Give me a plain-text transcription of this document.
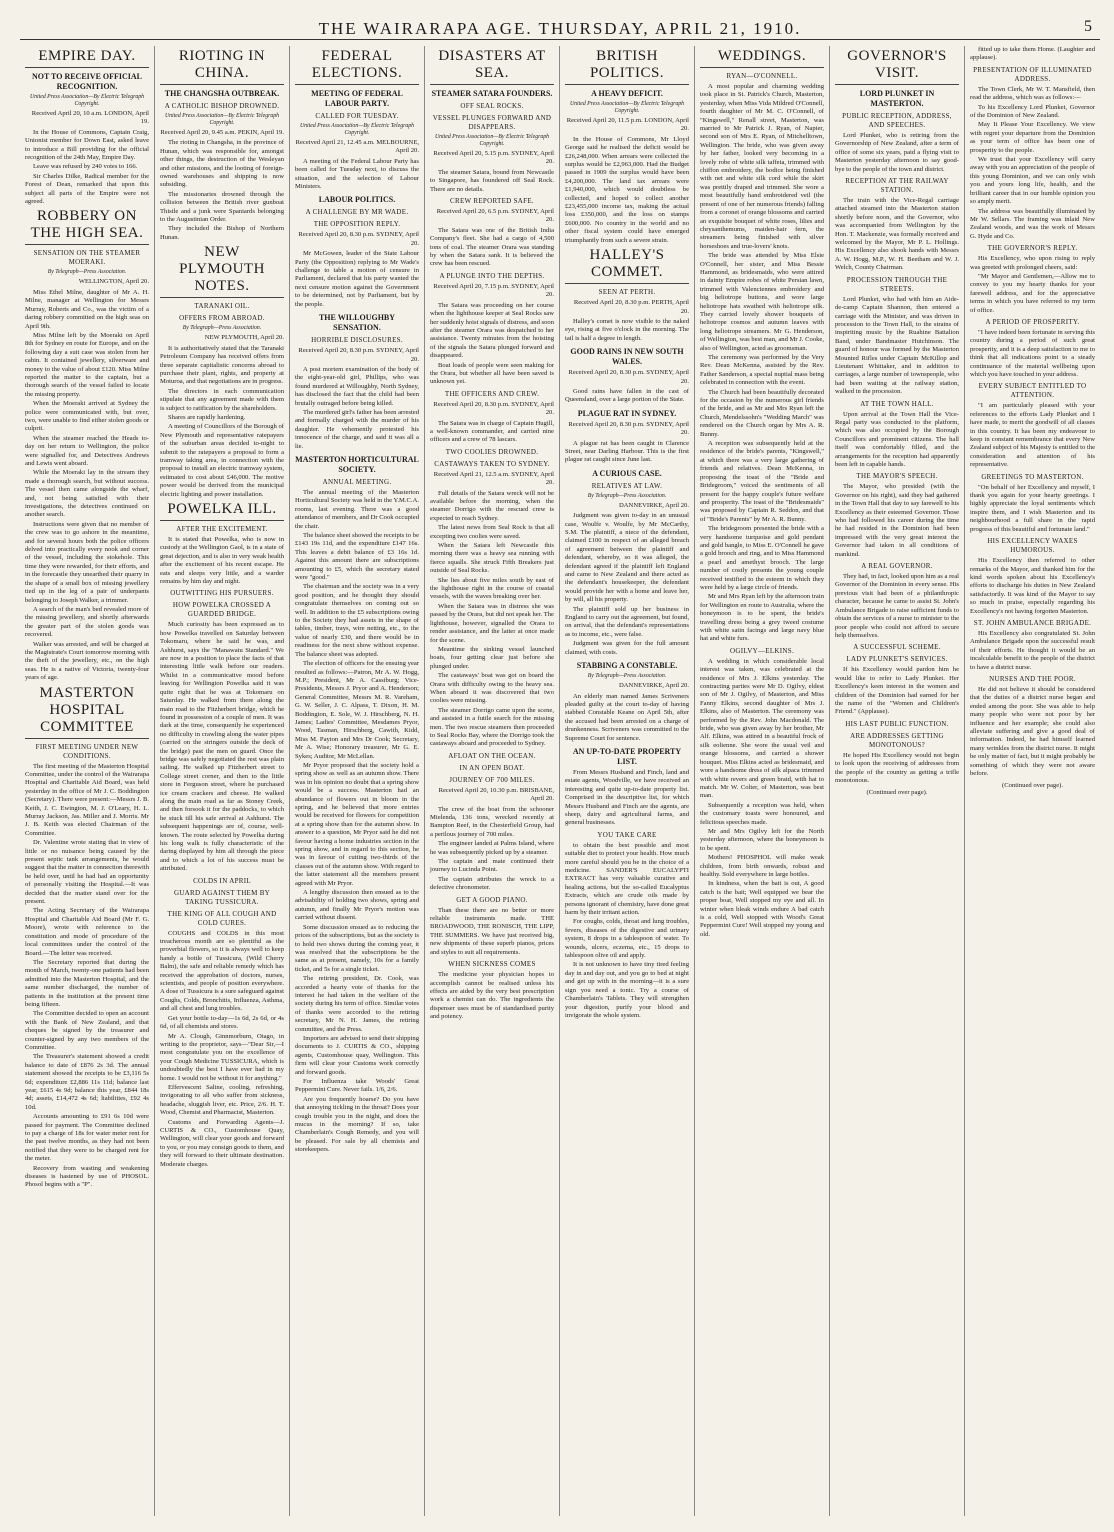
THE WAIRARAPA AGE. THURSDAY, APRIL 21, 1910.	5
EMPIRE DAY.
NOT TO RECEIVE OFFICIAL RECOGNITION.
United Press Association—By Electric Telegraph Copyright.
Received April 20, 10 a.m. LONDON, April 19.

In the House of Commons, Captain Craig, Unionist member for Down East, asked leave to introduce a Bill providing for the official recognition of the 24th May, Empire Day.

Leave was refused by 240 votes to 166.

Sir Charles Dilke, Radical member for the Forest of Dean, remarked that upon this subject all parts of the Empire were not agreed.

ROBBERY ON THE HIGH SEA.
SENSATION ON THE STEAMER MOERAKI.
By Telegraph—Press Association.
WELLINGTON, April 20.

Miss Ethel Milne, daughter of Mr A. H. Milne, manager at Wellington for Messrs Murray, Roberts and Co., was the victim of a daring robbery committed on the high seas on April 9th.

Miss Milne left by the Moeraki on April 8th for Sydney en route for Europe, and on the following day a suit case was stolen from her cabin. It contained jewellery, silverware and money to the value of about £120. Miss Milne reported the matter to the captain, but a thorough search of the vessel failed to locate the missing property.

When the Moeraki arrived at Sydney the police were communicated with, but over, two, were unable to find either stolen goods or culprit.

When the steamer reached the Heads to-day on her return to Wellington, the police were signalled for, and Detectives Andrews and Lewis went aboard.

While the Moeraki lay in the stream they made a thorough search, but without success. The vessel then came alongside the wharf, and, not being satisfied with their investigations, the detectives continued on another search.

Instructions were given that no member of the crew was to go ashore in the meantime, and for several hours both the police officers delved into practically every nook and corner of the vessel, including the stokehole. This time they were rewarded, for their efforts, and in the forecastle they unearthed their quarry in the shape of a small box of missing jewellery tied up in the leg of a pair of underpants belonging to Joseph Walker, a trimmer.

A search of the man's bed revealed more of the missing jewellery, and shortly afterwards the greater part of the stolen goods was recovered.

Walker was arrested, and will be charged at the Magistrate's Court tomorrow morning with the theft of the jewellery, etc., on the high seas. He is a native of Victoria, twenty-four years of age.

MASTERTON HOSPITAL COMMITTEE
FIRST MEETING UNDER NEW CONDITIONS.

The first meeting of the Masterton Hospital Committee, under the control of the Wairarapa Hospital and Charitable Aid Board, was held yesterday in the office of Mr J. C. Boddington (Secretary). There were present:—Messrs J. B. Keith, J. C. Ewington, M. J. O'Leary, H. L. Murray Jackson, Jas. Miller and J. Morris. Mr J. B. Keith was elected Chairman of the Committee.

Dr. Valentine wrote stating that in view of little or no nuisance being caused by the present septic tank arrangements, he would suggest that the matter in connection therewith be held over, until he had had an opportunity of personally visiting the Hospital.—It was decided that the matter stand over for the present.

The Acting Secretary of the Wairarapa Hospital and Charitable Aid Board (Mr F. G. Moore), wrote with reference to the constitution and mode of procedure of the local committees under the control of the Board.—The letter was received.

The Secretary reported that during the month of March, twenty-one patients had been admitted into the Masterton Hospital, and the same number discharged, the number of patients in the institution at the present time being fifteen.

The Committee decided to open an account with the Bank of New Zealand, and that cheques be signed by the treasurer and counter-signed by any two members of the Committee.

The Treasurer's statement showed a credit balance to date of £876 2s 3d. The annual statement showed the receipts to be £3,116 5s 6d; expenditure £2,886 11s 11d; balance last year, £615 4s 9d; balance this year, £844 18s 4d; assets, £14,472 4s 6d; liabilities, £92 4s 10d.

Accounts amounting to £91 6s 10d were passed for payment. The Committee declined to pay a charge of 18s for water meter rent for the past twelve months, as they had not been notified that they were to be charged rent for the meter.

Recovery from wasting and weakening diseases is hastened by use of PHOSOL. Phosol begins with a "P".

RIOTING IN CHINA.
THE CHANGSHA OUTBREAK.
A CATHOLIC BISHOP DROWNED.
United Press Association—By Electric Telegraph Copyright.
Received April 20, 9.45 a.m. PEKIN, April 19.

The rioting in Changsha, in the province of Hunan, which was responsible for, amongst other things, the destruction of the Wesleyan and other missions, and the looting of foreign-owned warehouses and shipping is now subsiding.

The missionaries drowned through the collision between the British river gunboat Thistle and a junk were Spaniards belonging to the Augustinian Order.

They included the Bishop of Northern Hunan.

NEW PLYMOUTH NOTES.
TARANAKI OIL.
OFFERS FROM ABROAD.
By Telegraph—Press Association.
NEW PLYMOUTH, April 20.

It is authoritatively stated that the Taranaki Petroleum Company has received offers from three separate capitalistic concerns abroad to purchase their plant, rights, and property at Moturoa, and that negotiations are in progress.

The directors in each communication stipulate that any agreement made with them is subject to ratification by the shareholders.

Shares are rapidly hardening.

A meeting of Councillors of the Borough of New Plymouth and representative ratepayers of the suburban areas decided to-night to submit to the ratepayers a proposal to form a tramway taking area, in connection with the proposal to install an electric tramway system, estimated to cost about £46,000. The motive power would be derived from the municipal electric lighting and power installation.

POWELKA ILL.
AFTER THE EXCITEMENT.

It is stated that Powelka, who is now in custody at the Wellington Gaol, is in a state of great dejection, and is also in very weak health after the excitement of his recent escape. He eats and sleeps very little, and a warder remains by him day and night.

OUTWITTING HIS PURSUERS.
HOW POWELKA CROSSED A GUARDED BRIDGE.

Much curiosity has been expressed as to how Powelka travelled on Saturday between Tokomaru, where he said he was, and Ashhurst, says the "Manawatu Standard." We are now in a position to place the facts of that interesting little walk before our readers. Whilst in a communicative mood before leaving for Wellington Powelka said it was quite right that he was at Tokomaru on Saturday. He walked from there along the main road to the Fitzherbert bridge, which he found in possession of a couple of men. It was dark at the time, consequently he experienced no difficulty in crawling along the water pipes (carried on the stringers outside the deck of the bridge) past the men on guard. Once the bridge was safely negotiated the rest was plain sailing. He walked up Fitzherbert street to College street corner, and then to the little store in Ferguson street, where he purchased ice cream crackers and cheese. He walked along the main road as far as Stoney Creek, and then forsook it for the paddocks, to which he stuck till his safe arrival at Ashhurst. The subsequent happenings are of, course, well-known. The route selected by Powelka during his long walk is fully characteristic of the daring displayed by him all through the piece and to which a lot of his success must be attributed.

COLDS IN APRIL
GUARD AGAINST THEM BY TAKING TUSSICURA.
THE KING OF ALL COUGH AND COLD CURES.

COUGHS and COLDS in this most treacherous month are so plentiful as the proverbial flowers, so it is always well to keep handy a bottle of Tussicura, (Wild Cherry Balm), the safe and reliable remedy which has received the approbation of doctors, nurses, scientists, and people of position everywhere. A dose of Tussicura is a sure safeguard against Coughs, Colds, Bronchitis, Influenza, Asthma, and all chest and lung troubles.

Get your bottle to-day—1s 6d, 2s 6d, or 4s 6d, of all chemists and stores.

Mr A. Clough, Ginnmorburn, Otago, in writing to the proprietor, says—"Dear Sir,—I most congratulate you on the excellence of your Cough Medicine TUSSICURA, which is undoubtedly the best I have ever had in my home. I would not be without it for anything."

Effervescent Saline, cooling, refreshing, invigorating to all who suffer from sickness, headache, sluggish liver, etc. Price, 2/6. H. T. Wood, Chemist and Pharmacist, Masterton.

Customs and Forwarding Agents—J. CURTIS & CO., Customhouse Quay, Wellington, will clear your goods and forward to you, or you may consign goods to them, and they will forward to their ultimate destination. Moderate charges.

FEDERAL ELECTIONS.
MEETING OF FEDERAL LABOUR PARTY.
CALLED FOR TUESDAY.
United Press Association—By Electric Telegraph Copyright.
Received April 21, 12.45 a.m. MELBOURNE, April 20.

A meeting of the Federal Labour Party has been called for Tuesday next, to discuss the situation, and the selection of Labour Ministers.

LABOUR POLITICS.
A CHALLENGE BY MR WADE.
THE OPPOSITION REPLY.
Received April 20, 8.30 p.m. SYDNEY, April 20.

Mr McGowen, leader of the State Labour Party (the Opposition) replying to Mr Wade's challenge to table a motion of censure in Parliament, declared that his party wanted the next censure motion against the Government to be determined, not by Parliament, but by the people.

THE WILLOUGHBY SENSATION.
HORRIBLE DISCLOSURES.
Received April 20, 8.30 p.m. SYDNEY, April 20.

A post mortem examination of the body of the eight-year-old girl, Phillips, who was found murdered at Willoughby, North Sydney, has disclosed the fact that the child had been brutally outraged before being killed.

The murdered girl's father has been arrested and formally charged with the murder of his daughter. He vehemently protested his innocence of the charge, and said it was all a lie.

MASTERTON HORTICULTURAL SOCIETY.
ANNUAL MEETING.

The annual meeting of the Masterton Horticultural Society was held in the Y.M.C.A. rooms, last evening. There was a good attendance of members, and Dr Cook occupied the chair.

The balance sheet showed the receipts to be £143 19s 11d, and the expenditure £147 16s. This leaves a debit balance of £3 16s 1d. Against this amount there are subscriptions amounting to £5, which the secretary stated were "good."

The chairman and the society was in a very good position, and he thought they should congratulate themselves on coming out so well. In addition to the £5 subscriptions owing to the Society they had assets in the shape of tables, timber, trays, wire netting, etc., to the value of nearly £30, and there would be in readiness for the next show without expense. The balance sheet was adopted.

The election of officers for the ensuing year resulted as follows:—Patron, Mr A. W. Hogg, M.P.; President, Mr A. Cassiburg; Vice-Presidents, Messrs J. Pryor and A. Henderson; General Committee, Messrs M. R. Vareham, G. W. Seller, J. C. Alpass, T. Dixon, H. M. Boddington, E. Sole, W. J. Hirschberg, N. H. James; Ladies' Committee, Mesdames Pryor, Wood, Tasman, Hirschberg, Cawith, Kidd, Miss M. Payton and Mrs Dr Cook; Secretary, Mr A. Wise; Honorary treasurer, Mr G. E. Sykes; Auditor, Mr McLellan.

Mr Pryor proposed that the society hold a spring show as well as an autumn show. There was in his opinion no doubt that a spring show would be a success. Masterton had an abundance of flowers out in bloom in the spring, and he believed that more entries would be received for flowers for competition at a spring show than for the autumn show. In answer to a question, Mr Pryor said he did not favour having a home industries section in the spring show, and in regard to this section, he was in favour of cutting two-thirds of the classes out of the autumn show. With regard to the latter statement all the members present agreed with Mr Pryor.

A lengthy discussion then ensued as to the advisability of holding two shows, spring and autumn, and finally Mr Pryor's motion was carried without dissent.

Some discussion ensued as to reducing the prices of the subscriptions, but as the society is to hold two shows during the coming year, it was resolved that the subscriptions be the same as at present, namely, 10s for a family ticket, and 5s for a single ticket.

The retiring president, Dr. Cook, was accorded a hearty vote of thanks for the interest he had taken in the welfare of the society during his term of office. Similar votes of thanks were accorded to the retiring secretary, Mr N. H. James, the retiring committee, and the Press.

Importers are advised to send their shipping documents to J. CURTIS & CO., shipping agents, Customhouse quay, Wellington. This firm will clear your Customs work correctly and forward goods.

For Influenza take Woods' Great Peppermint Cure. Never fails. 1/6, 2/6.

Are you frequently hoarse? Do you have that annoying tickling in the throat? Does your cough trouble you in the night, and does the mucus in the morning? If so, take Chamberlain's Cough Remedy, and you will be pleased. For sale by all chemists and storekeepers.

DISASTERS AT SEA.
STEAMER SATARA FOUNDERS.
OFF SEAL ROCKS.
VESSEL PLUNGES FORWARD AND DISAPPEARS.
United Press Association—By Electric Telegraph Copyright.
Received April 20, 5.15 p.m. SYDNEY, April 20.

The steamer Satara, bound from Newcastle to Singapore, has foundered off Seal Rock. There are no details.

CREW REPORTED SAFE.
Received April 20, 6.5 p.m. SYDNEY, April 20.

The Satara was one of the British India Company's fleet. She had a cargo of 4,500 tons of coal. The steamer Orara was standing by when the Satara sank. It is believed the crew has been rescued.

A PLUNGE INTO THE DEPTHS.
Received April 20, 7.15 p.m. SYDNEY, April 20.

The Satara was proceeding on her course when the lighthouse keeper at Seal Rocks saw her suddenly hoist signals of distress, and soon after the steamer Orara was despatched to her assistance. Twenty minutes from the hoisting of the signals the Satara plunged forward and disappeared.

Boat loads of people were seen making for the Orara, but whether all have been saved is unknown yet.

THE OFFICERS AND CREW.
Received April 20, 8.30 p.m. SYDNEY, April 20.

The Satara was in charge of Captain Hugill, a well-known commander, and carried nine officers and a crew of 78 lascars.

TWO COOLIES DROWNED.
CASTAWAYS TAKEN TO SYDNEY.
Received April 21, 12.5 a.m. SYDNEY, April 20.

Full details of the Satara wreck will not be available before the morning, when the steamer Dorrigo with the rescued crew is expected to reach Sydney.

The latest news from Seal Rock is that all excepting two coolies were saved.

When the Satara left Newcastle this morning there was a heavy sea running with fierce squalls. She struck Fifth Breakers just outside of Seal Rocks.

She lies about five miles south by east of the lighthouse right in the course of coastal vessels, with the waves breaking over her.

When the Satara was in distress she was passed by the Orara, but did not speak her. The lighthouse, however, signalled the Orara to render assistance, and the latter at once made for the scene.

Meantime the sinking vessel launched boats, four getting clear just before she plunged under.

The castaways' boat was got on board the Orara with difficulty owing to the heavy sea. When aboard it was discovered that two coolies were missing.

The steamer Dorrigo came upon the scene, and assisted in a futile search for the missing men. The two rescue steamers then proceeded to Seal Rocks Bay, where the Dorrigo took the castaways aboard and proceeded to Sydney.

AFLOAT ON THE OCEAN.
IN AN OPEN BOAT.
JOURNEY OF 700 MILES.
Received April 20, 10.30 p.m. BRISBANE, April 20.

The crew of the boat from the schooner Mielenda, 136 tons, wrecked recently at Bampton Reef, in the Chesterfield Group, had a perilous journey of 700 miles.

The engineer landed at Palms Island, where he was subsequently picked up by a steamer.

The captain and mate continued their journey to Lucinda Point.

The captain attributes the wreck to a defective chronometer.

GET A GOOD PIANO.

Than these there are no better or more reliable instruments made. THE BROADWOOD, THE RONISCH, THE LIPP, THE SUMMERS. We have just received big, new shipments of these superb pianos, prices and styles to suit all requirements.

WHEN SICKNESS COMES

The medicine your physician hopes to accomplish cannot be realised unless his effects are aided by the very best prescription work a chemist can do. The ingredients the dispenser uses must be of standardised purity and potency.

BRITISH POLITICS.
A HEAVY DEFICIT.
United Press Association—By Electric Telegraph Copyright.
Received April 20, 11.5 p.m. LONDON, April 20.

In the House of Commons, Mr Lloyd George said he realised the deficit would be £26,248,000. When arrears were collected the surplus would be £2,963,000. Had the Budget passed in 1909 the surplus would have been £4,200,000. The land tax arrears were £1,940,000, which would doubtless be collected, and hoped to collect another £23,455,000 income tax, making the actual loss £350,000, and the loss on stamps £600,000. No country in the world and no other fiscal system could have emerged triumphantly from such a severe strain.

HALLEY'S COMMET.
SEEN AT PERTH.
Received April 20, 8.30 p.m. PERTH, April 20.

Halley's comet is now visible to the naked eye, rising at five o'clock in the morning. The tail is half a degree in length.

GOOD RAINS IN NEW SOUTH WALES.
Received April 20, 8.30 p.m. SYDNEY, April 20.

Good rains have fallen in the cast of Queensland, over a large portion of the State.

PLAGUE RAT IN SYDNEY.
Received April 20, 8.30 p.m. SYDNEY, April 20.

A plague rat has been caught in Clarence Street, near Darling Harbour. This is the first plague rat caught since June last.

A CURIOUS CASE.
RELATIVES AT LAW.
By Telegraph—Press Association.
DANNEVIRKE, April 20.

Judgment was given to-day in an unusual case, Woulfe v. Woulfe, by Mr McCarthy, S.M. The plaintiff, a niece of the defendant, claimed £100 in respect of an alleged breach of agreement between the plaintiff and defendant, whereby, so it was alleged, the defendant agreed if the plaintiff left England and came to New Zealand and there acted as the defendant's housekeeper, the defendant would provide her with a home and leave her, by will, all his property.

The plaintiff sold up her business in England to carry out the agreement, but found, on arrival, that the defendant's representations as to income, etc., were false.

Judgment was given for the full amount claimed, with costs.

STABBING A CONSTABLE.
By Telegraph—Press Association.
DANNEVIRKE, April 20.

An elderly man named James Scriveners pleaded guilty at the court to-day of having stabbed Constable Keane on April 5th, after the accused had been arrested on a charge of drunkenness. Scriveners was committed to the Supreme Court for sentence.

AN UP-TO-DATE PROPERTY LIST.

From Messrs Husband and Finch, land and estate agents, Woodville, we have received an interesting and quite up-to-date property list. Comprised in the descriptive list, for which Messrs Husband and Finch are the agents, are sheep, dairy and agricultural farms, and general businesses.

YOU TAKE CARE

to obtain the best possible and most suitable diet to protect your health. How much more careful should you be in the choice of a medicine. SANDER'S EUCALYPTI EXTRACT has very valuable curative and healing actions, but the so-called Eucalyptus Extracts, which are crude oils made by persons ignorant of chemistry, have done great harm by their irritant action.

For coughs, colds, throat and lung troubles, fevers, diseases of the digestive and urinary system, 8 drops in a tablespoon of water. To wounds, ulcers, eczema, etc., 15 drops to tablespoon olive oil and apply.

It is not unknown to have tiny tired feeling day in and day out, and you go to bed at night and get up with in the morning—it is a sure sign you need a tonic. Try a course of Chamberlain's Tablets. They will strengthen your digestion, purify your blood and invigorate the whole system.

WEDDINGS.
RYAN—O'CONNELL.

A most popular and charming wedding took place in St. Patrick's Church, Masterton, yesterday, when Miss Vida Mildred O'Connell, fourth daughter of Mr M. C. O'Connell, of "Kingswell," Renall street, Masterton, was married to Mr Patrick J. Ryan, of Napier, second son of Mrs E. Ryan, of Mitchelltown, Wellington. The bride, who was given away by her father, looked very becoming in a lovely robe of white silk taffeta, trimmed with chiffon embroidery, the bodice being finished with net and white silk cord while the skirt was prettily draped and trimmed. She wore a most beautifully hand embroidered veil (the present of one of her numerous friends) falling from a coronet of orange blossoms and carried an exquisite bouquet of white roses, lilies and chrysanthemums, maiden-hair fern, the streamers being finished with silver horseshoes and true-lovers' knots.

The bride was attended by Miss Elsie O'Connell, her sister, and Miss Bessie Hammond, as bridesmaids, who were attired in dainty Empire robes of white Persian lawn, trimmed with Valenciennes embroidery and big heliotrope buttons, and wore large heliotrope hats swathed with heliotrope silk. They carried lovely shower bouquets of heliotrope cosmos and autumn leaves with long heliotrope streamers. Mr G. Henderson, of Wellington, was best man, and Mr J. Cooke, also of Wellington, acted as groomsman.

The ceremony was performed by the Very Rev. Dean McKenna, assisted by the Rev. Father Sanderson, a special nuptial mass being celebrated in connection with the event.

The Church had been beautifully decorated for the occasion by the numerous girl friends of the bride, and as Mr and Mrs Ryan left the Church, Mendelssohn's "Wedding March" was rendered on the Church organ by Mrs A. R. Bunny.

A reception was subsequently held at the residence of the bride's parents, "Kingswell," at which there was a very large gathering of friends and relatives. Dean McKenna, in proposing the toast of the "Bride and Bridegroom," voiced the sentiments of all present for the happy couple's future welfare and prosperity. The toast of the "Bridesmaids" was proposed by Captain R. Seddon, and that of "Bride's Parents" by Mr A. R. Bunny.

The bridegroom presented the bride with a very handsome turquoise and gold pendant and gold bangle, to Miss E. O'Connell he gave a gold brooch and ring, and to Miss Hammond a pearl and amethyst brooch. The large number of costly presents the young couple received testified to the esteem in which they were held by a large circle of friends.

Mr and Mrs Ryan left by the afternoon train for Wellington en route to Australia, where the honeymoon is to be spent, the bride's travelling dress being a grey tweed costume with white satin facings and large navy blue hat and white furs.

OGILVY—ELKINS.

A wedding in which considerable local interest was taken, was celebrated at the residence of Mrs J. Elkins yesterday. The contracting parties were Mr D. Ogilvy, eldest son of Mr J. Ogilvy, of Masterton, and Miss Fanny Elkins, second daughter of Mrs J. Elkins, also of Masterton. The ceremony was performed by the Rev. John Macdonald. The bride, who was given away by her brother, Mr Alf. Elkins, was attired in a beautiful frock of silk eolienne. She wore the usual veil and orange blossoms, and carried a shower bouquet. Miss Elkins acted as bridesmaid, and wore a handsome dress of silk alpaca trimmed with white revers and green braid, with hat to match. Mr W. Colter, of Masterton, was best man.

Subsequently a reception was held, when the customary toasts were honoured, and felicitous speeches made.

Mr and Mrs Ogilvy left for the North yesterday afternoon, where the honeymoon is to be spent.

Mothers! PHOSPHOL will make weak children, from birth onwards, robust and healthy. Sold everywhere in large bottles.

In kindness, when the bait is out, A good catch is the bait; Well equipped we bear the proper boat, Well stopped my eye and all. In winter when bleak winds endure A bad catch is a cold, Well stopped with Wood's Great Peppermint Cure! Well stopped my young and old.

GOVERNOR'S VISIT.
LORD PLUNKET IN MASTERTON.
PUBLIC RECEPTION, ADDRESS, AND SPEECHES.

Lord Plunket, who is retiring from the Governorship of New Zealand, after a term of office of some six years, paid a flying visit to Masterton yesterday afternoon to say good-bye to the people of the town and district.

RECEPTION AT THE RAILWAY STATION.

The train with the Vice-Regal carriage attached steamed into the Masterton station shortly before noon, and the Governor, who was accompanied from Wellington by the Hon. T. Mackenzie, was formally received and welcomed by the Mayor, Mr P. L. Hollings. His Excellency also shook hands with Messrs A. W. Hogg, M.P., W. H. Beetham and W. J. Welch, County Chairman.

PROCESSION THROUGH THE STREETS.

Lord Plunket, who had with him an Aide-de-camp Captain Shannon, then entered a carriage with the Minister, and was driven in procession to the Town Hall, to the strains of inspiriting music by the Ruahine Battalion Band, under Bandmaster Hutchinson. The guard of honour was formed by the Masterton Mounted Rifles under Captain McKillop and Lieutenant Whittaker, and in addition to carriages, a large number of townspeople, who had been waiting at the railway station, walked in the procession.

AT THE TOWN HALL.

Upon arrival at the Town Hall the Vice-Regal party was conducted to the platform, which was also occupied by the Borough Councillors and prominent citizens. The hall itself was comfortably filled, and the arrangements for the reception had apparently been left in capable hands.

THE MAYOR'S SPEECH.

The Mayor, who presided (with the Governor on his right), said they had gathered in the Town Hall that day to say farewell to his Excellency as their esteemed Governor. Those who had followed his career during the time he had resided in the Dominion had been impressed with the very great interest the Governor had taken in all conditions of mankind.

A REAL GOVERNOR.

They had, in fact, looked upon him as a real Governor of the Dominion in every sense. His previous visit had been of a philanthropic character, because he came to assist St. John's Ambulance Brigade to raise sufficient funds to obtain the services of a nurse to minister to the poor people who could not afford to secure help themselves.

A SUCCESSFUL SCHEME.
LADY PLUNKET'S SERVICES.

If his Excellency would pardon him he would like to refer to Lady Plunket. Her Excellency's keen interest in the women and children of the Dominion had earned for her the name of the "Women and Children's Friend." (Applause).

HIS LAST PUBLIC FUNCTION.
ARE ADDRESSES GETTING MONOTONOUS?

He hoped His Excellency would not begin to look upon the receiving of addresses from the people of the country as getting a trifle monotonous.

(Continued over page).

fitted up to take them Home. (Laughter and applause).

PRESENTATION OF ILLUMINATED ADDRESS.

The Town Clerk, Mr W. T. Mansfield, then read the address, which was as follows:—

To his Excellency Lord Plunket, Governor of the Dominion of New Zealand.

May It Please Your Excellency. We view with regret your departure from the Dominion as your term of office has been one of prosperity to the people.

We trust that your Excellency will carry away with you an appreciation of the people of this young Dominion, and we can only wish you and yours long life, health, and the brilliant career that in our humble opinion you so amply merit.

The address was beautifully illuminated by Mr W. Sellars. The framing was inlaid New Zealand woods, and was the work of Messrs G. Hyde and Co.

THE GOVERNOR'S REPLY.

His Excellency, who upon rising to reply was greeted with prolonged cheers, said:

"Mr Mayor and Gentlemen,—Allow me to convey to you my hearty thanks for your farewell address, and for the appreciative terms in which you have referred to my term of office.

A PERIOD OF PROSPERITY.

"I have indeed been fortunate in serving this country during a period of such great prosperity, and it is a deep satisfaction to me to think that all indications point to a steady continuance of the material wellbeing upon which you have touched in your address.

EVERY SUBJECT ENTITLED TO ATTENTION.

"I am particularly pleased with your references to the efforts Lady Plunket and I have made, to merit the goodwill of all classes in this country. It has been my endeavour to keep in constant remembrance that every New Zealand subject of his Majesty is entitled to the consideration and attention of his representative.

GREETINGS TO MASTERTON.

"On behalf of her Excellency and myself, I thank you again for your hearty greetings. I highly appreciate the loyal sentiments which inspire them, and I wish Masterton and its neighbourhood a full share in the rapid progress of this beautiful and fortunate land."

HIS EXCELLENCY WAXES HUMOROUS.

His Excellency then referred to other remarks of the Mayor, and thanked him for the kind words spoken about his Excellency's efforts to discharge his duties in New Zealand satisfactorily. It was kind of the Mayor to say so much in praise, especially regarding his Excellency's not having forgotten Masterton.

ST. JOHN AMBULANCE BRIGADE.

His Excellency also congratulated St. John Ambulance Brigade upon the successful result of their efforts. He thought it would be an incalculable benefit to the people of the district to have a district nurse.

NURSES AND THE POOR.

He did not believe it should be considered that the duties of a district nurse began and ended among the poor. She was able to help many people who were not poor by her influence and her example; she could also alleviate suffering and give a good deal of information. Indeed, he had himself learned many wrinkles from the district nurse. It might be only matter of fact, but it might probably be something of which they were not aware before.

(Continued over page).
